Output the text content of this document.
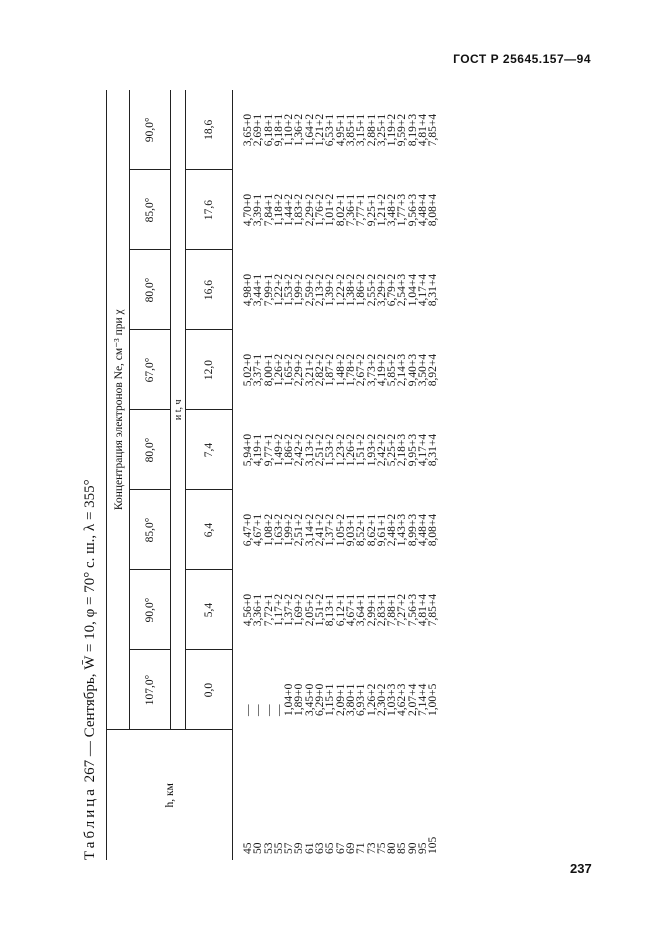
ГОСТ Р 25645.157—94
Таблица 267 — Сентябрь, W̄ = 10, φ = 70° с. ш., λ = 355°
h, км	Концентрация электронов Ne, см⁻³ при χ							
	107,0°	90,0°	85,0°	80,0°	67,0°	80,0°	85,0°	90,0°
	и t, ч							
	0,0	5,4	6,4	7,4	12,0	16,6	17,6	18,6

45	—	4,56+0	6,47+0	5,94+0	5,02+0	4,98+0	4,70+0	3,65+0
50	—	3,36+1	4,67+1	4,19+1	3,37+1	3,44+1	3,39+1	2,69+1
53	—	7,72+1	1,08+2	9,77+1	8,00+1	7,99+1	7,84+1	6,18+1
55	—	1,17+2	1,63+2	1,49+2	1,26+2	1,22+2	1,18+2	9,18+1
57	1,04+0	1,37+2	1,99+2	1,86+2	1,65+2	1,53+2	1,44+2	1,10+2
59	1,89+0	1,69+2	2,51+2	2,42+2	2,29+2	1,99+2	1,83+2	1,36+2
61	3,45+0	2,05+2	3,14+2	3,13+2	3,21+2	2,59+2	2,29+2	1,64+2
63	6,29+0	1,51+2	2,41+2	2,51+2	2,82+2	2,13+2	1,76+2	1,21+2
65	1,15+1	8,13+1	1,37+2	1,53+2	1,87+2	1,39+2	1,01+2	6,53+1
67	2,09+1	6,12+1	1,05+2	1,23+2	1,48+2	1,22+2	8,02+1	4,95+1
69	3,80+1	4,67+1	9,03+1	1,26+2	1,78+2	1,38+2	7,36+1	3,85+1
71	6,93+1	3,64+1	8,52+1	1,51+2	2,67+2	1,86+2	7,77+1	3,15+1
73	1,26+2	2,99+1	8,62+1	1,93+2	3,73+2	2,55+2	9,25+1	2,88+1
75	2,30+2	2,83+1	9,61+1	2,42+2	4,19+2	3,29+2	1,21+2	3,25+1
80	1,03+3	7,88+1	2,48+2	5,25+2	5,85+2	6,79+2	3,48+2	1,19+2
85	4,62+3	7,27+2	1,43+3	2,18+3	2,14+3	2,54+3	1,77+3	9,59+2
90	2,07+4	7,56+3	8,99+3	9,95+3	9,40+3	1,04+4	9,56+3	8,19+3
95	7,14+4	4,81+4	4,48+4	4,17+4	3,50+4	4,17+4	4,48+4	4,81+4
105	1,00+5	7,85+4	8,08+4	8,31+4	8,92+4	8,31+4	8,08+4	7,85+4
237
